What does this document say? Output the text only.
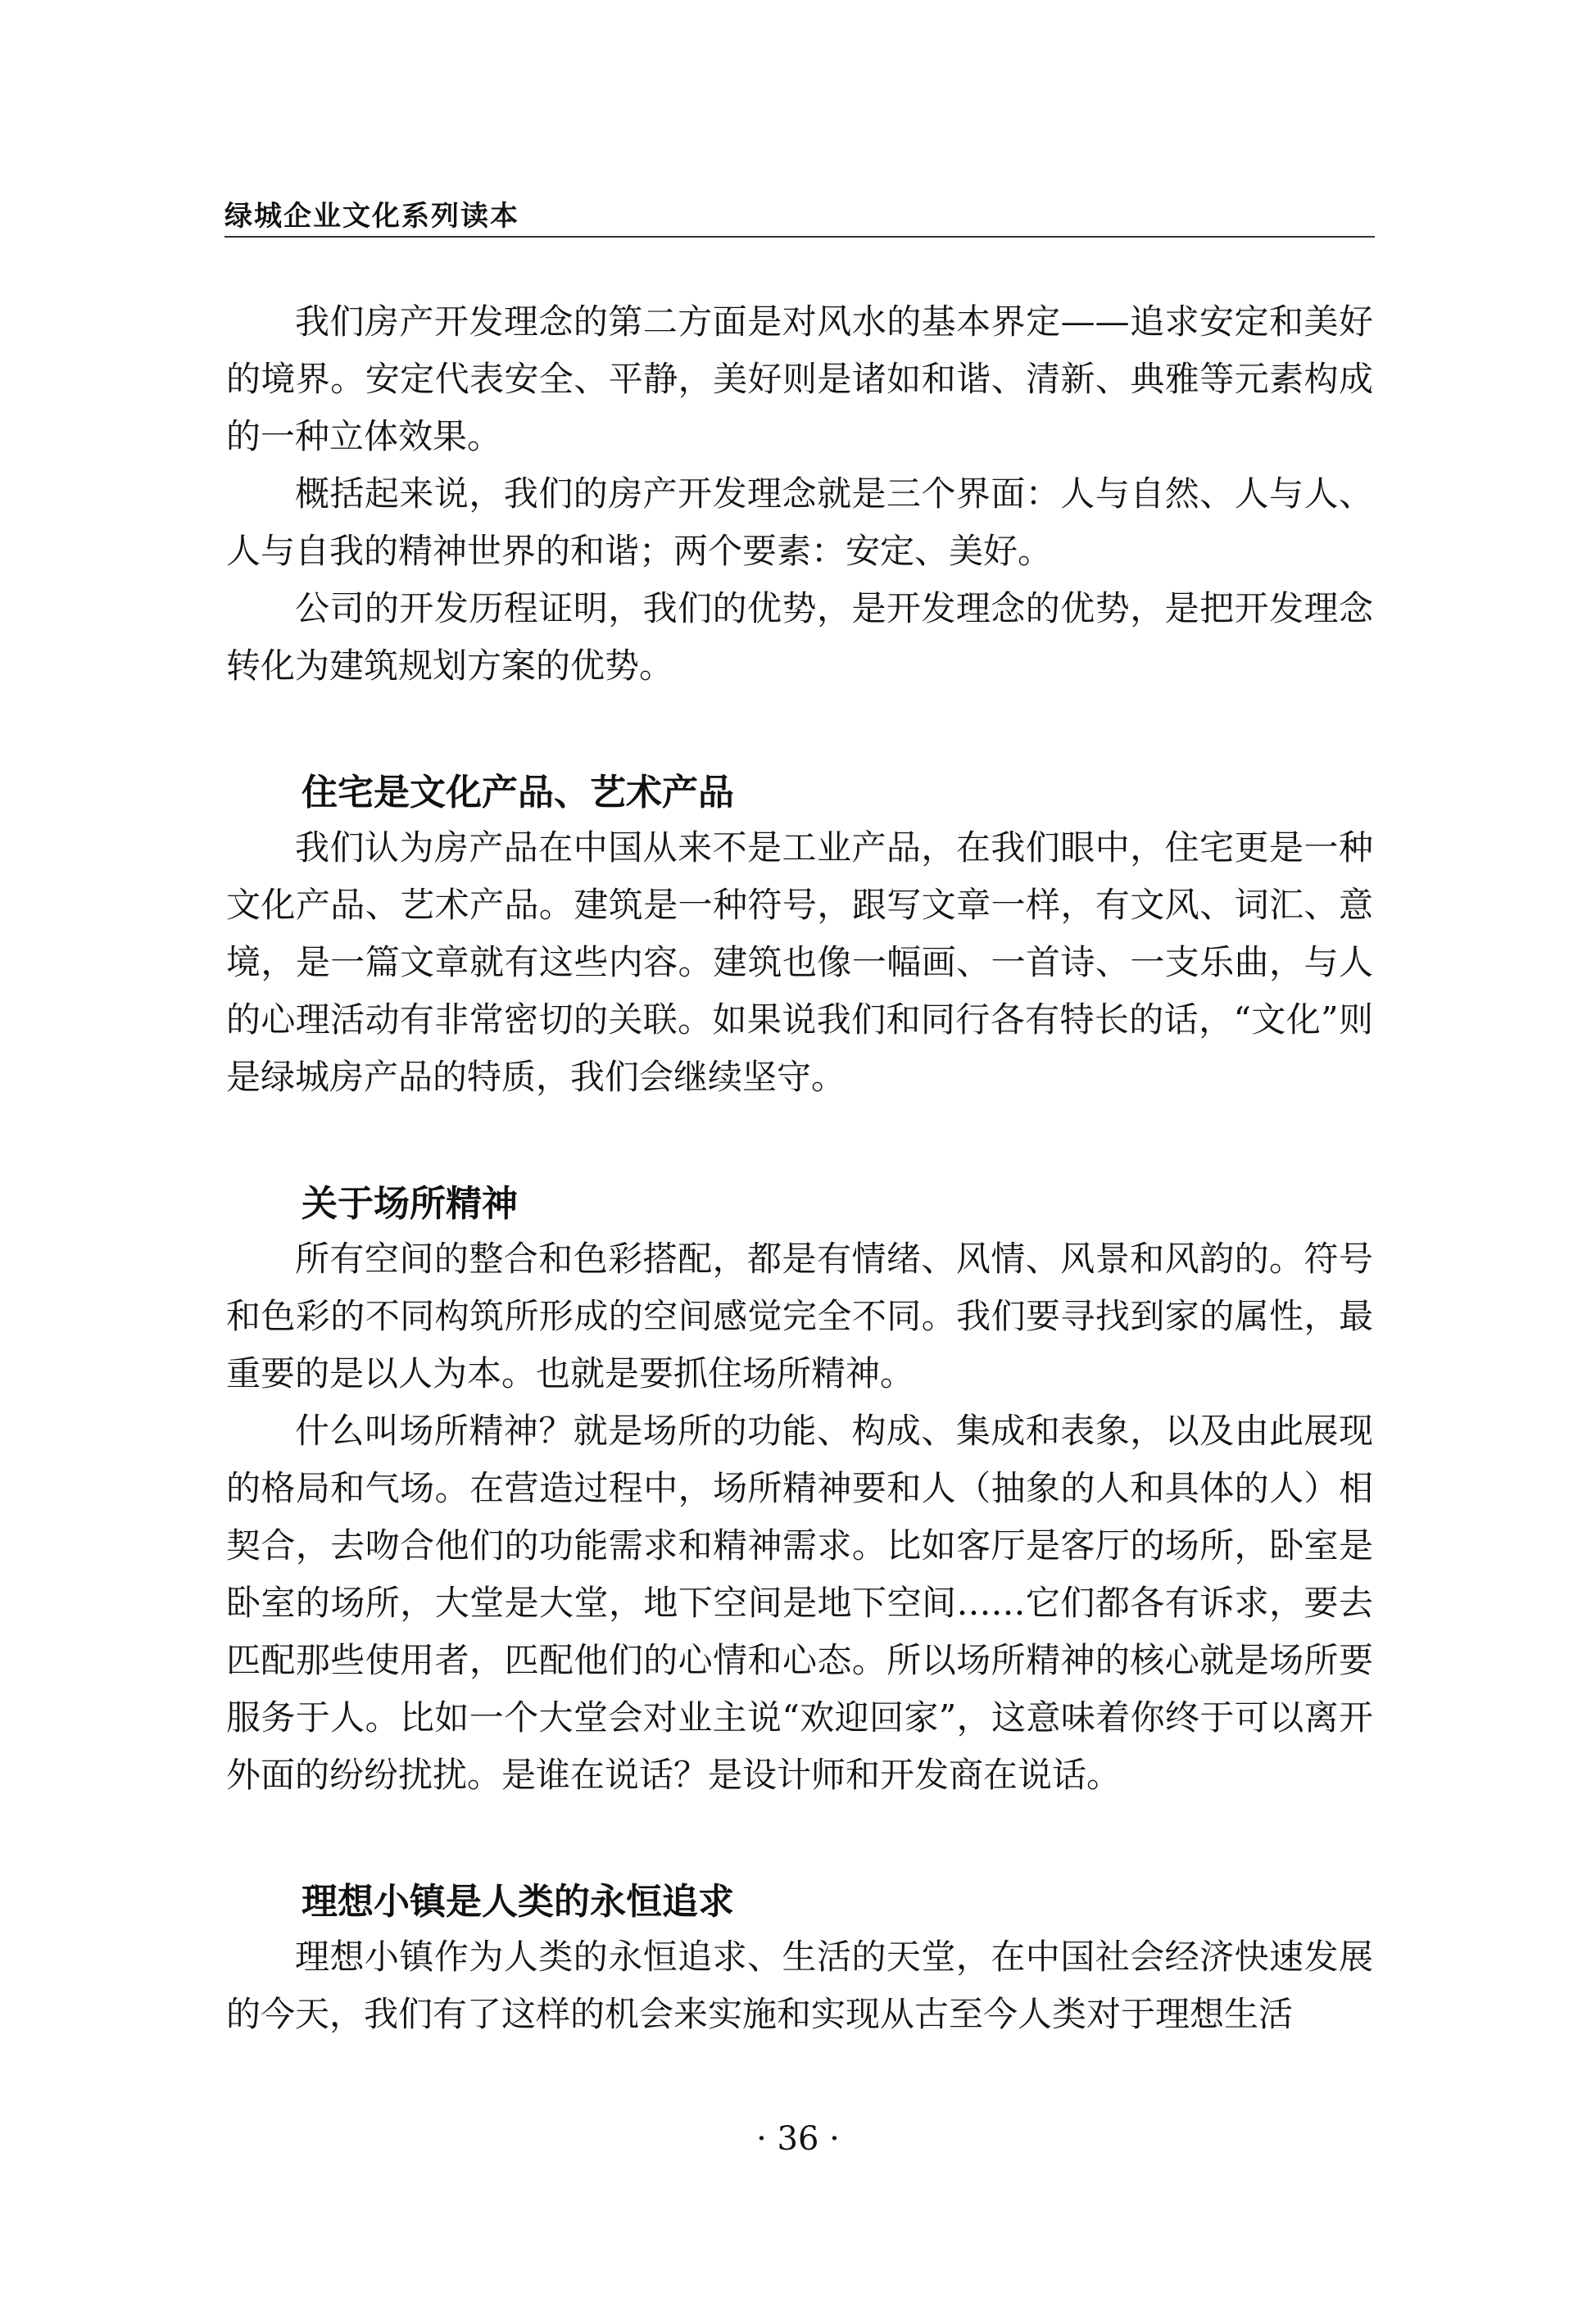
绿城企业文化系列读本

我们房产开发理念的第二方面是对风水的基本界定——追求安定和美好的境界。安定代表安全、平静，美好则是诸如和谐、清新、典雅等元素构成的一种立体效果。

概括起来说，我们的房产开发理念就是三个界面：人与自然、人与人、人与自我的精神世界的和谐；两个要素：安定、美好。

公司的开发历程证明，我们的优势，是开发理念的优势，是把开发理念转化为建筑规划方案的优势。

住宅是文化产品、艺术产品

我们认为房产品在中国从来不是工业产品，在我们眼中，住宅更是一种文化产品、艺术产品。建筑是一种符号，跟写文章一样，有文风、词汇、意境，是一篇文章就有这些内容。建筑也像一幅画、一首诗、一支乐曲，与人的心理活动有非常密切的关联。如果说我们和同行各有特长的话，“文化”则是绿城房产品的特质，我们会继续坚守。

关于场所精神

所有空间的整合和色彩搭配，都是有情绪、风情、风景和风韵的。符号和色彩的不同构筑所形成的空间感觉完全不同。我们要寻找到家的属性，最重要的是以人为本。也就是要抓住场所精神。

什么叫场所精神？就是场所的功能、构成、集成和表象，以及由此展现的格局和气场。在营造过程中，场所精神要和人（抽象的人和具体的人）相契合，去吻合他们的功能需求和精神需求。比如客厅是客厅的场所，卧室是卧室的场所，大堂是大堂，地下空间是地下空间……它们都各有诉求，要去匹配那些使用者，匹配他们的心情和心态。所以场所精神的核心就是场所要服务于人。比如一个大堂会对业主说“欢迎回家”，这意味着你终于可以离开外面的纷纷扰扰。是谁在说话？是设计师和开发商在说话。

理想小镇是人类的永恒追求

理想小镇作为人类的永恒追求、生活的天堂，在中国社会经济快速发展的今天，我们有了这样的机会来实施和实现从古至今人类对于理想生活

· 36 ·
